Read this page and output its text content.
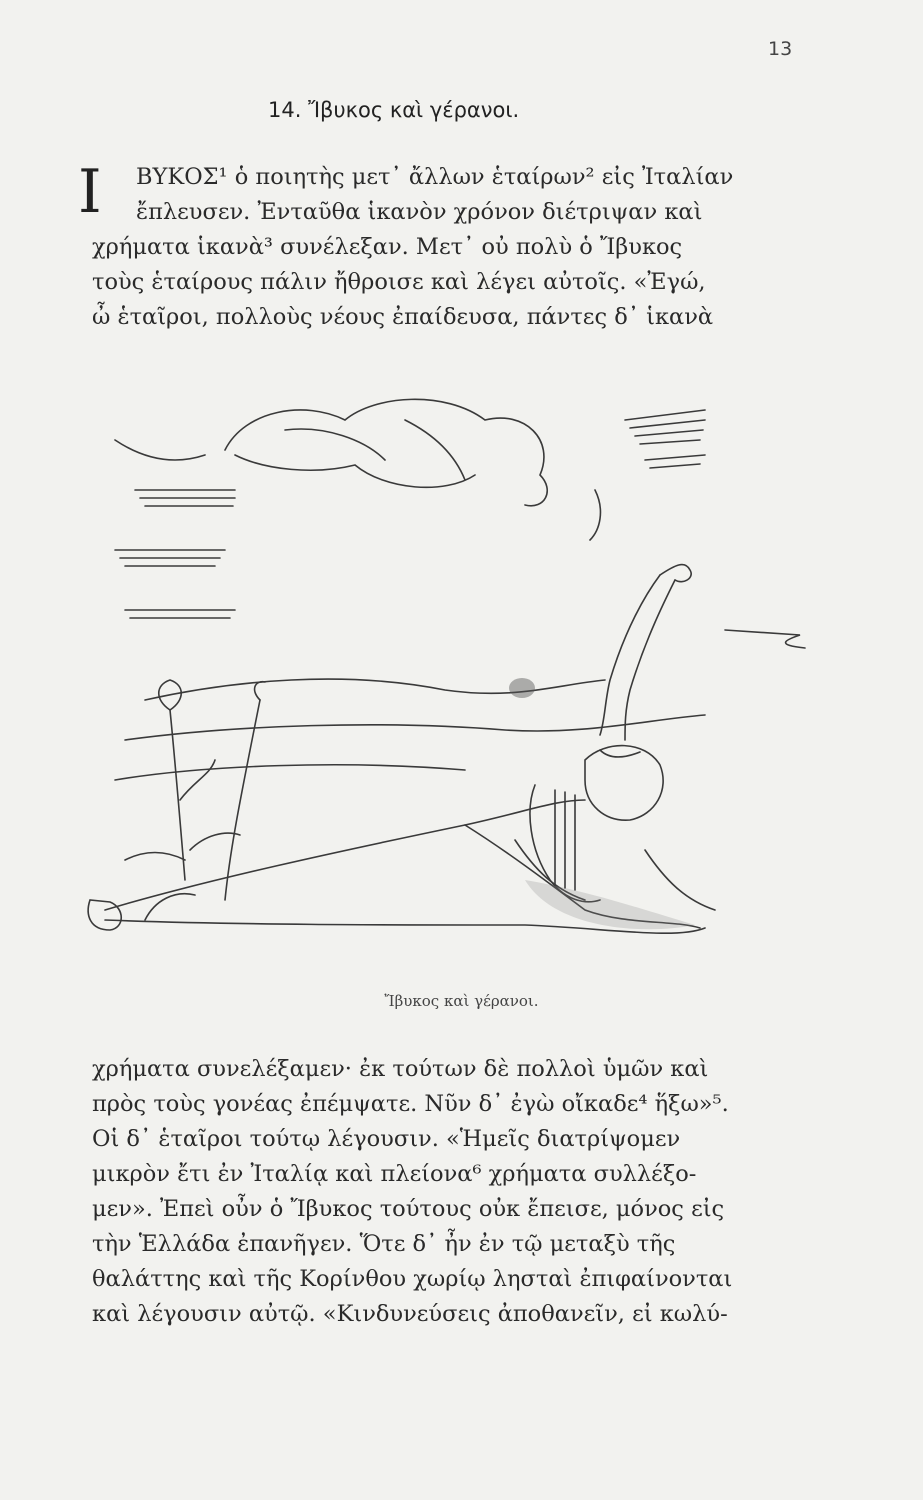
13
14. Ἴβυκος καὶ γέρανοι.
Ι	ΒΥΚΟΣ¹ ὁ ποιητὴς μετ᾽ ἄλλων ἑταίρων² εἰς Ἰταλίαν
ἔπλευσεν. Ἐνταῦθα ἱκανὸν χρόνον διέτριψαν καὶ
χρήματα ἱκανὰ³ συνέλεξαν. Μετ᾽ οὐ πολὺ ὁ Ἴβυκος
τοὺς ἑταίρους πάλιν ἤθροισε καὶ λέγει αὐτοῖς. «Ἐγώ,
ὦ ἑταῖροι, πολλοὺς νέους ἐπαίδευσα, πάντες δ᾽ ἱκανὰ
Ἴβυκος καὶ γέρανοι.
χρήματα συνελέξαμεν· ἐκ τούτων δὲ πολλοὶ ὑμῶν καὶ
πρὸς τοὺς γονέας ἐπέμψατε. Νῦν δ᾽ ἐγὼ οἴκαδε⁴ ἥξω»⁵.
Οἱ δ᾽ ἑταῖροι τούτῳ λέγουσιν. «Ἡμεῖς διατρίψομεν
μικρὸν ἔτι ἐν Ἰταλίᾳ καὶ πλείονα⁶ χρήματα συλλέξο-
μεν». Ἐπεὶ οὖν ὁ Ἴβυκος τούτους οὐκ ἔπεισε, μόνος εἰς
τὴν Ἑλλάδα ἐπανῆγεν. Ὅτε δ᾽ ἦν ἐν τῷ μεταξὺ τῆς
θαλάττης καὶ τῆς Κορίνθου χωρίῳ λησταὶ ἐπιφαίνονται
καὶ λέγουσιν αὐτῷ. «Κινδυνεύσεις ἀποθανεῖν, εἰ κωλύ-
